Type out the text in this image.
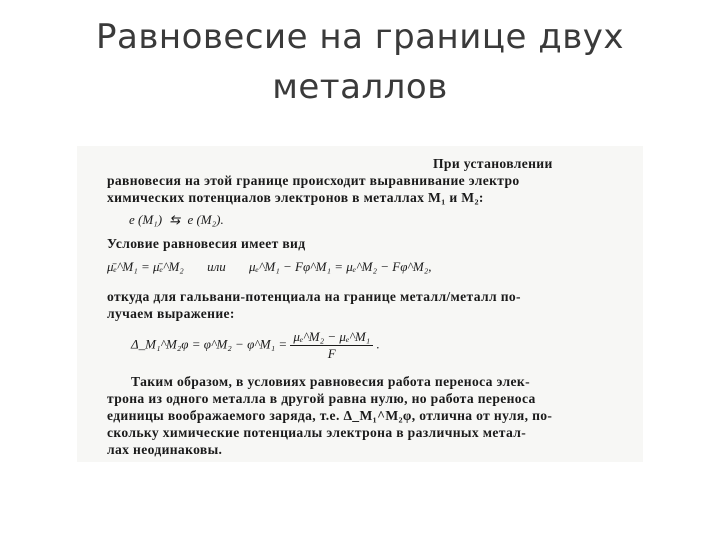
Равновесие на границе двух
металлов
При установлении
равновесия на этой границе происходит выравнивание электро
химических потенциалов электронов в металлах M₁ и M₂:
e (M₁) ⇆ e (M₂).
Условие равновесия имеет вид
μ̄ₑ^M₁ = μ̄ₑ^M₂ или μₑ^M₁ − Fφ^M₁ = μₑ^M₂ − Fφ^M₂,
откуда для гальвани-потенциала на границе металл/металл по-
лучаем выражение:
Δ_M₁^M₂φ = φ^M₂ − φ^M₁ = $\frac{\text{μₑ\textasciicircum{}M₂ − μₑ\textasciicircum{}M₁}}{F}$ .
Таким образом, в условиях равновесия работа переноса элек-
трона из одного металла в другой равна нулю, но работа переноса
единицы воображаемого заряда, т.е. Δ_M₁^M₂φ, отлична от нуля, по-
скольку химические потенциалы электрона в различных метал-
лах неодинаковы.
